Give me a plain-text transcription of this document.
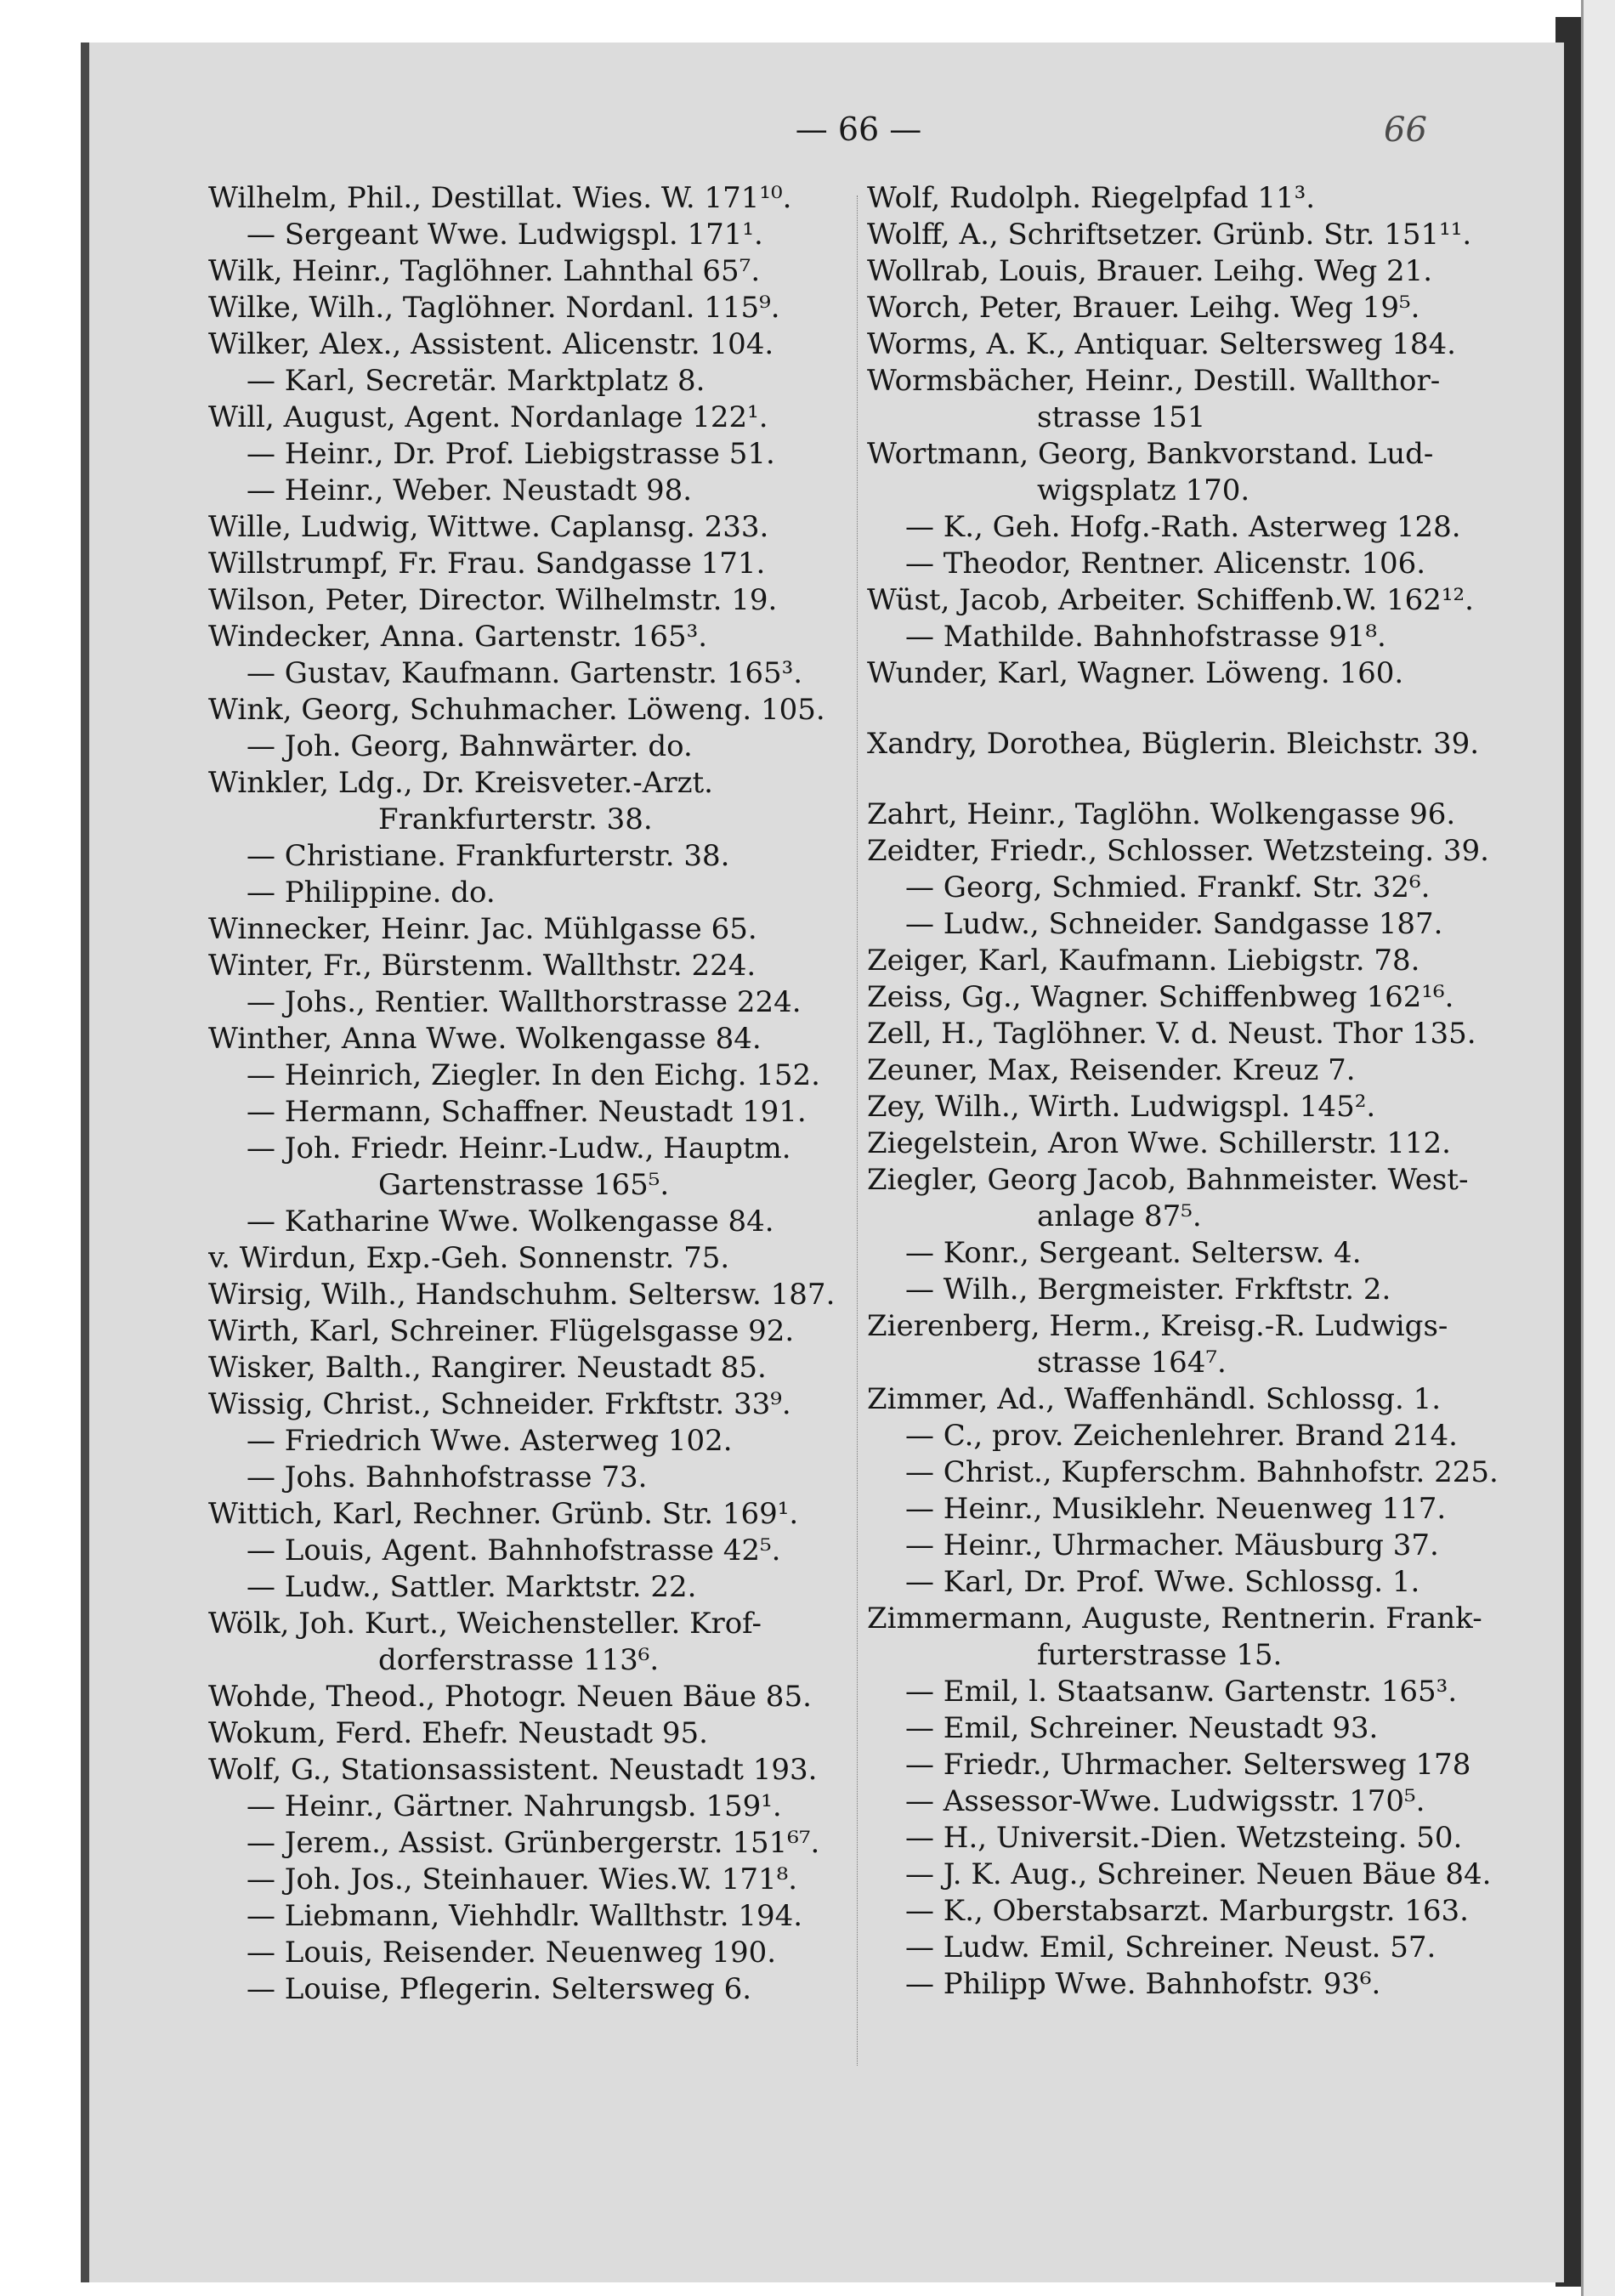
— 66 —	66
Wilhelm, Phil., Destillat. Wies. W. 171¹⁰.
— Sergeant Wwe. Ludwigspl. 171¹.
Wilk, Heinr., Taglöhner. Lahnthal 65⁷.
Wilke, Wilh., Taglöhner. Nordanl. 115⁹.
Wilker, Alex., Assistent. Alicenstr. 104.
— Karl, Secretär. Marktplatz 8.
Will, August, Agent. Nordanlage 122¹.
— Heinr., Dr. Prof. Liebigstrasse 51.
— Heinr., Weber. Neustadt 98.
Wille, Ludwig, Wittwe. Caplansg. 233.
Willstrumpf, Fr. Frau. Sandgasse 171.
Wilson, Peter, Director. Wilhelmstr. 19.
Windecker, Anna. Gartenstr. 165³.
— Gustav, Kaufmann. Gartenstr. 165³.
Wink, Georg, Schuhmacher. Löweng. 105.
— Joh. Georg, Bahnwärter. do.
Winkler, Ldg., Dr. Kreisveter.-Arzt.
Frankfurterstr. 38.
— Christiane. Frankfurterstr. 38.
— Philippine. do.
Winnecker, Heinr. Jac. Mühlgasse 65.
Winter, Fr., Bürstenm. Wallthstr. 224.
— Johs., Rentier. Wallthorstrasse 224.
Winther, Anna Wwe. Wolkengasse 84.
— Heinrich, Ziegler. In den Eichg. 152.
— Hermann, Schaffner. Neustadt 191.
— Joh. Friedr. Heinr.-Ludw., Hauptm.
Gartenstrasse 165⁵.
— Katharine Wwe. Wolkengasse 84.
v. Wirdun, Exp.-Geh. Sonnenstr. 75.
Wirsig, Wilh., Handschuhm. Seltersw. 187.
Wirth, Karl, Schreiner. Flügelsgasse 92.
Wisker, Balth., Rangirer. Neustadt 85.
Wissig, Christ., Schneider. Frkftstr. 33⁹.
— Friedrich Wwe. Asterweg 102.
— Johs. Bahnhofstrasse 73.
Wittich, Karl, Rechner. Grünb. Str. 169¹.
— Louis, Agent. Bahnhofstrasse 42⁵.
— Ludw., Sattler. Marktstr. 22.
Wölk, Joh. Kurt., Weichensteller. Krof-
dorferstrasse 113⁶.
Wohde, Theod., Photogr. Neuen Bäue 85.
Wokum, Ferd. Ehefr. Neustadt 95.
Wolf, G., Stationsassistent. Neustadt 193.
— Heinr., Gärtner. Nahrungsb. 159¹.
— Jerem., Assist. Grünbergerstr. 151⁶⁷.
— Joh. Jos., Steinhauer. Wies.W. 171⁸.
— Liebmann, Viehhdlr. Wallthstr. 194.
— Louis, Reisender. Neuenweg 190.
— Louise, Pflegerin. Seltersweg 6.
Wolf, Rudolph. Riegelpfad 11³.
Wolff, A., Schriftsetzer. Grünb. Str. 151¹¹.
Wollrab, Louis, Brauer. Leihg. Weg 21.
Worch, Peter, Brauer. Leihg. Weg 19⁵.
Worms, A. K., Antiquar. Seltersweg 184.
Wormsbächer, Heinr., Destill. Wallthor-
strasse 151
Wortmann, Georg, Bankvorstand. Lud-
wigsplatz 170.
— K., Geh. Hofg.-Rath. Asterweg 128.
— Theodor, Rentner. Alicenstr. 106.
Wüst, Jacob, Arbeiter. Schiffenb.W. 162¹².
— Mathilde. Bahnhofstrasse 91⁸.
Wunder, Karl, Wagner. Löweng. 160.
Xandry, Dorothea, Büglerin. Bleichstr. 39.
Zahrt, Heinr., Taglöhn. Wolkengasse 96.
Zeidter, Friedr., Schlosser. Wetzsteing. 39.
— Georg, Schmied. Frankf. Str. 32⁶.
— Ludw., Schneider. Sandgasse 187.
Zeiger, Karl, Kaufmann. Liebigstr. 78.
Zeiss, Gg., Wagner. Schiffenbweg 162¹⁶.
Zell, H., Taglöhner. V. d. Neust. Thor 135.
Zeuner, Max, Reisender. Kreuz 7.
Zey, Wilh., Wirth. Ludwigspl. 145².
Ziegelstein, Aron Wwe. Schillerstr. 112.
Ziegler, Georg Jacob, Bahnmeister. West-
anlage 87⁵.
— Konr., Sergeant. Seltersw. 4.
— Wilh., Bergmeister. Frkftstr. 2.
Zierenberg, Herm., Kreisg.-R. Ludwigs-
strasse 164⁷.
Zimmer, Ad., Waffenhändl. Schlossg. 1.
— C., prov. Zeichenlehrer. Brand 214.
— Christ., Kupferschm. Bahnhofstr. 225.
— Heinr., Musiklehr. Neuenweg 117.
— Heinr., Uhrmacher. Mäusburg 37.
— Karl, Dr. Prof. Wwe. Schlossg. 1.
Zimmermann, Auguste, Rentnerin. Frank-
furterstrasse 15.
— Emil, l. Staatsanw. Gartenstr. 165³.
— Emil, Schreiner. Neustadt 93.
— Friedr., Uhrmacher. Seltersweg 178
— Assessor-Wwe. Ludwigsstr. 170⁵.
— H., Universit.-Dien. Wetzsteing. 50.
— J. K. Aug., Schreiner. Neuen Bäue 84.
— K., Oberstabsarzt. Marburgstr. 163.
— Ludw. Emil, Schreiner. Neust. 57.
— Philipp Wwe. Bahnhofstr. 93⁶.
